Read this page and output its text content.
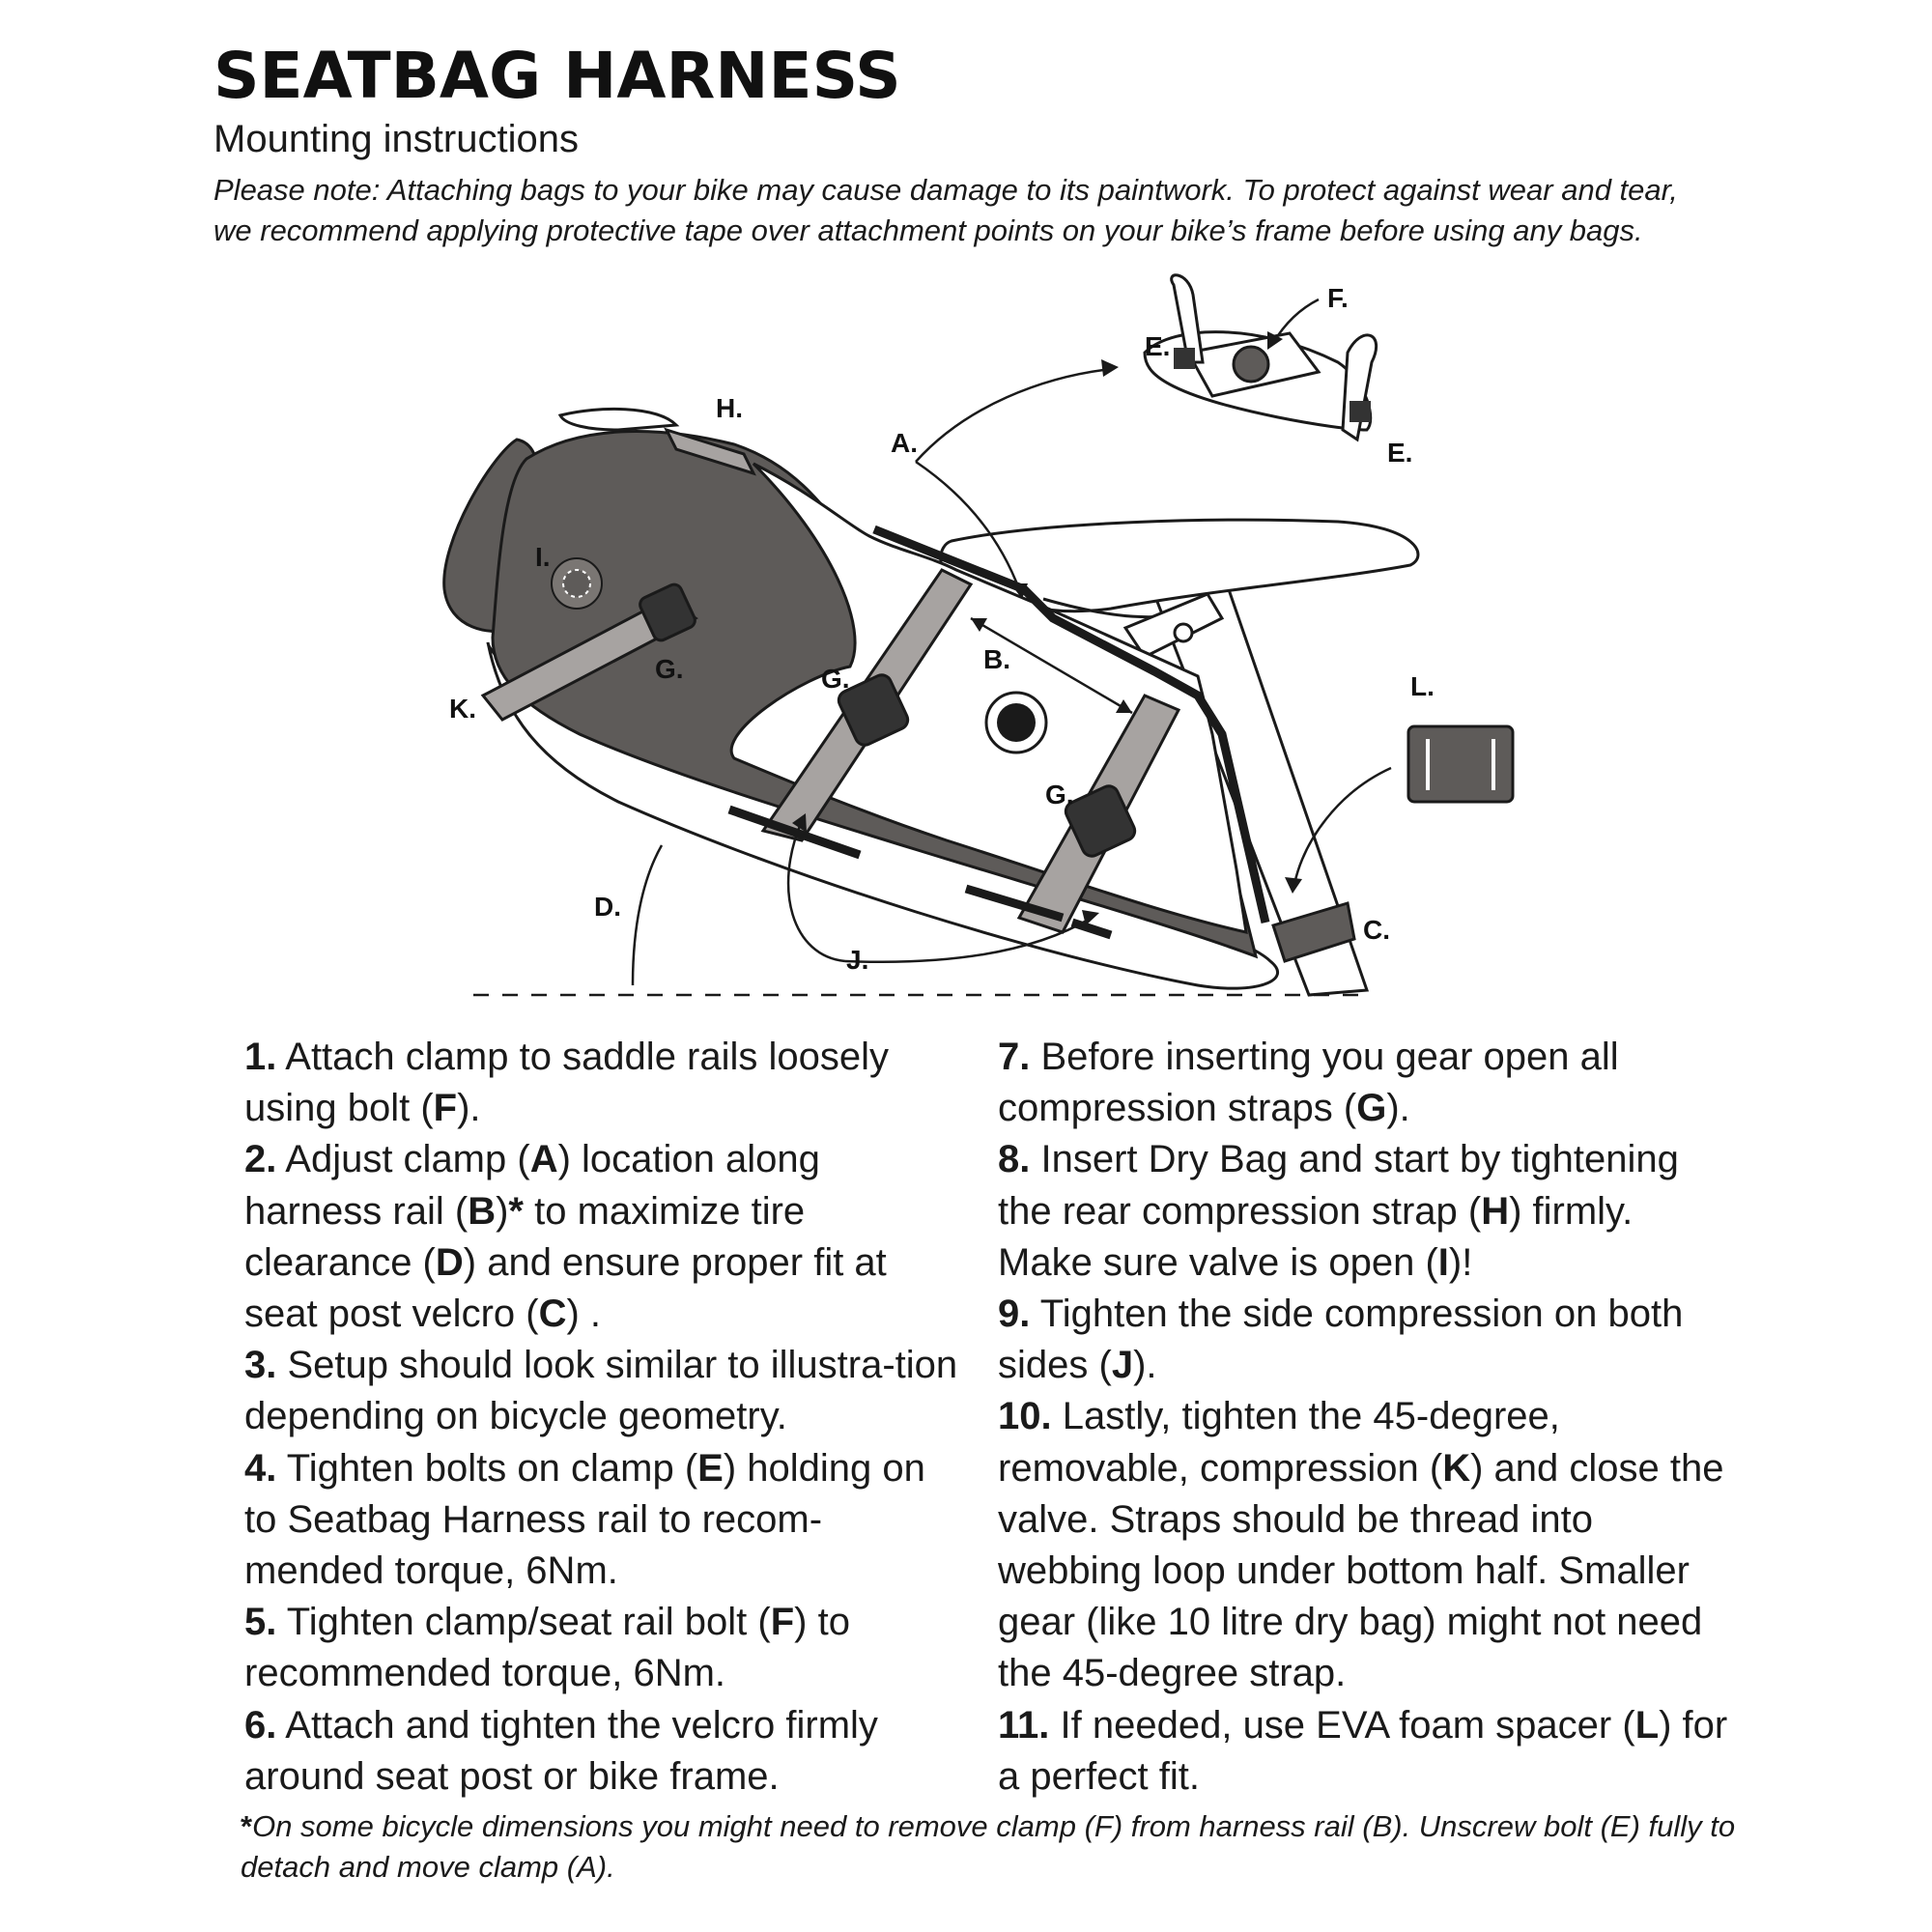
SEATBAG HARNESS

Mounting instructions

Please note: Attaching bags to your bike may cause damage to its paintwork. To protect against wear and tear, we recommend applying protective tape over attachment points on your bike’s frame before using any bags.

F.
E.
E.
H.
A.
I.
G.	G.
G.
B.
K.
L.
D.
C.
J.

1. Attach clamp to saddle rails loosely using bolt (F).

2. Adjust clamp (A) location along harness rail (B)* to maximize tire clearance (D) and ensure proper fit at seat post velcro (C) .

3. Setup should look similar to illustra-tion depending on bicycle geometry.

4. Tighten bolts on clamp (E) holding on to Seatbag Harness rail to recom-mended torque, 6Nm.

5. Tighten clamp/seat rail bolt (F) to recommended torque, 6Nm.

6. Attach and tighten the velcro firmly around seat post or bike frame.

7. Before inserting you gear open all compression straps (G).

8. Insert Dry Bag and start by tightening the rear compression strap (H) firmly. Make sure valve is open (I)!

9. Tighten the side compression on both sides (J).

10. Lastly, tighten the 45-degree, removable, compression (K) and close the valve. Straps should be thread into webbing loop under bottom half. Smaller gear (like 10 litre dry bag) might not need the 45-degree strap.

11. If needed, use EVA foam spacer (L) for a perfect fit.

*On some bicycle dimensions you might need to remove clamp (F) from harness rail (B). Unscrew bolt (E) fully to detach and move clamp (A).
